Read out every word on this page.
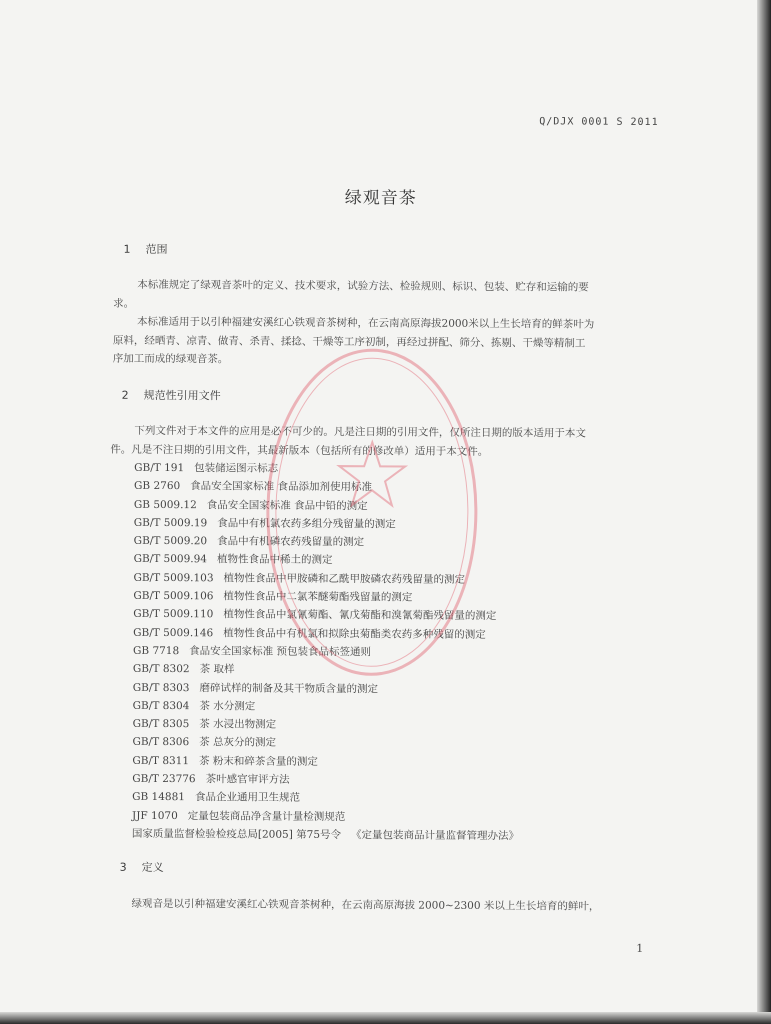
Q/DJX 0001 S 2011
绿观音茶
1 范围
本标准规定了绿观音茶叶的定义、技术要求，试验方法、检验规则、标识、包装、贮存和运输的要
求。
本标准适用于以引种福建安溪红心铁观音茶树种，在云南高原海拔2000米以上生长培育的鲜茶叶为
原料，经晒青、凉青、做青、杀青、揉捻、干燥等工序初制，再经过拼配、筛分、拣剔、干燥等精制工
序加工而成的绿观音茶。
2 规范性引用文件
下列文件对于本文件的应用是必不可少的。凡是注日期的引用文件，仅所注日期的版本适用于本文
件。凡是不注日期的引用文件，其最新版本（包括所有的修改单）适用于本文件。
GB/T 191 包装储运图示标志
GB 2760 食品安全国家标准 食品添加剂使用标准
GB 5009.12 食品安全国家标准 食品中铅的测定
GB/T 5009.19 食品中有机氯农药多组分残留量的测定
GB/T 5009.20 食品中有机磷农药残留量的测定
GB/T 5009.94 植物性食品中稀土的测定
GB/T 5009.103 植物性食品中甲胺磷和乙酰甲胺磷农药残留量的测定
GB/T 5009.106 植物性食品中二氯苯醚菊酯残留量的测定
GB/T 5009.110 植物性食品中氯氰菊酯、氰戊菊酯和溴氰菊酯残留量的测定
GB/T 5009.146 植物性食品中有机氯和拟除虫菊酯类农药多种残留的测定
GB 7718 食品安全国家标准 预包装食品标签通则
GB/T 8302 茶 取样
GB/T 8303 磨碎试样的制备及其干物质含量的测定
GB/T 8304 茶 水分测定
GB/T 8305 茶 水浸出物测定
GB/T 8306 茶 总灰分的测定
GB/T 8311 茶 粉末和碎茶含量的测定
GB/T 23776 茶叶感官审评方法
GB 14881 食品企业通用卫生规范
JJF 1070 定量包装商品净含量计量检测规范
国家质量监督检验检疫总局[2005] 第75号令 《定量包装商品计量监督管理办法》
3 定义
绿观音是以引种福建安溪红心铁观音茶树种，在云南高原海拔 2000~2300 米以上生长培育的鲜叶，
1
